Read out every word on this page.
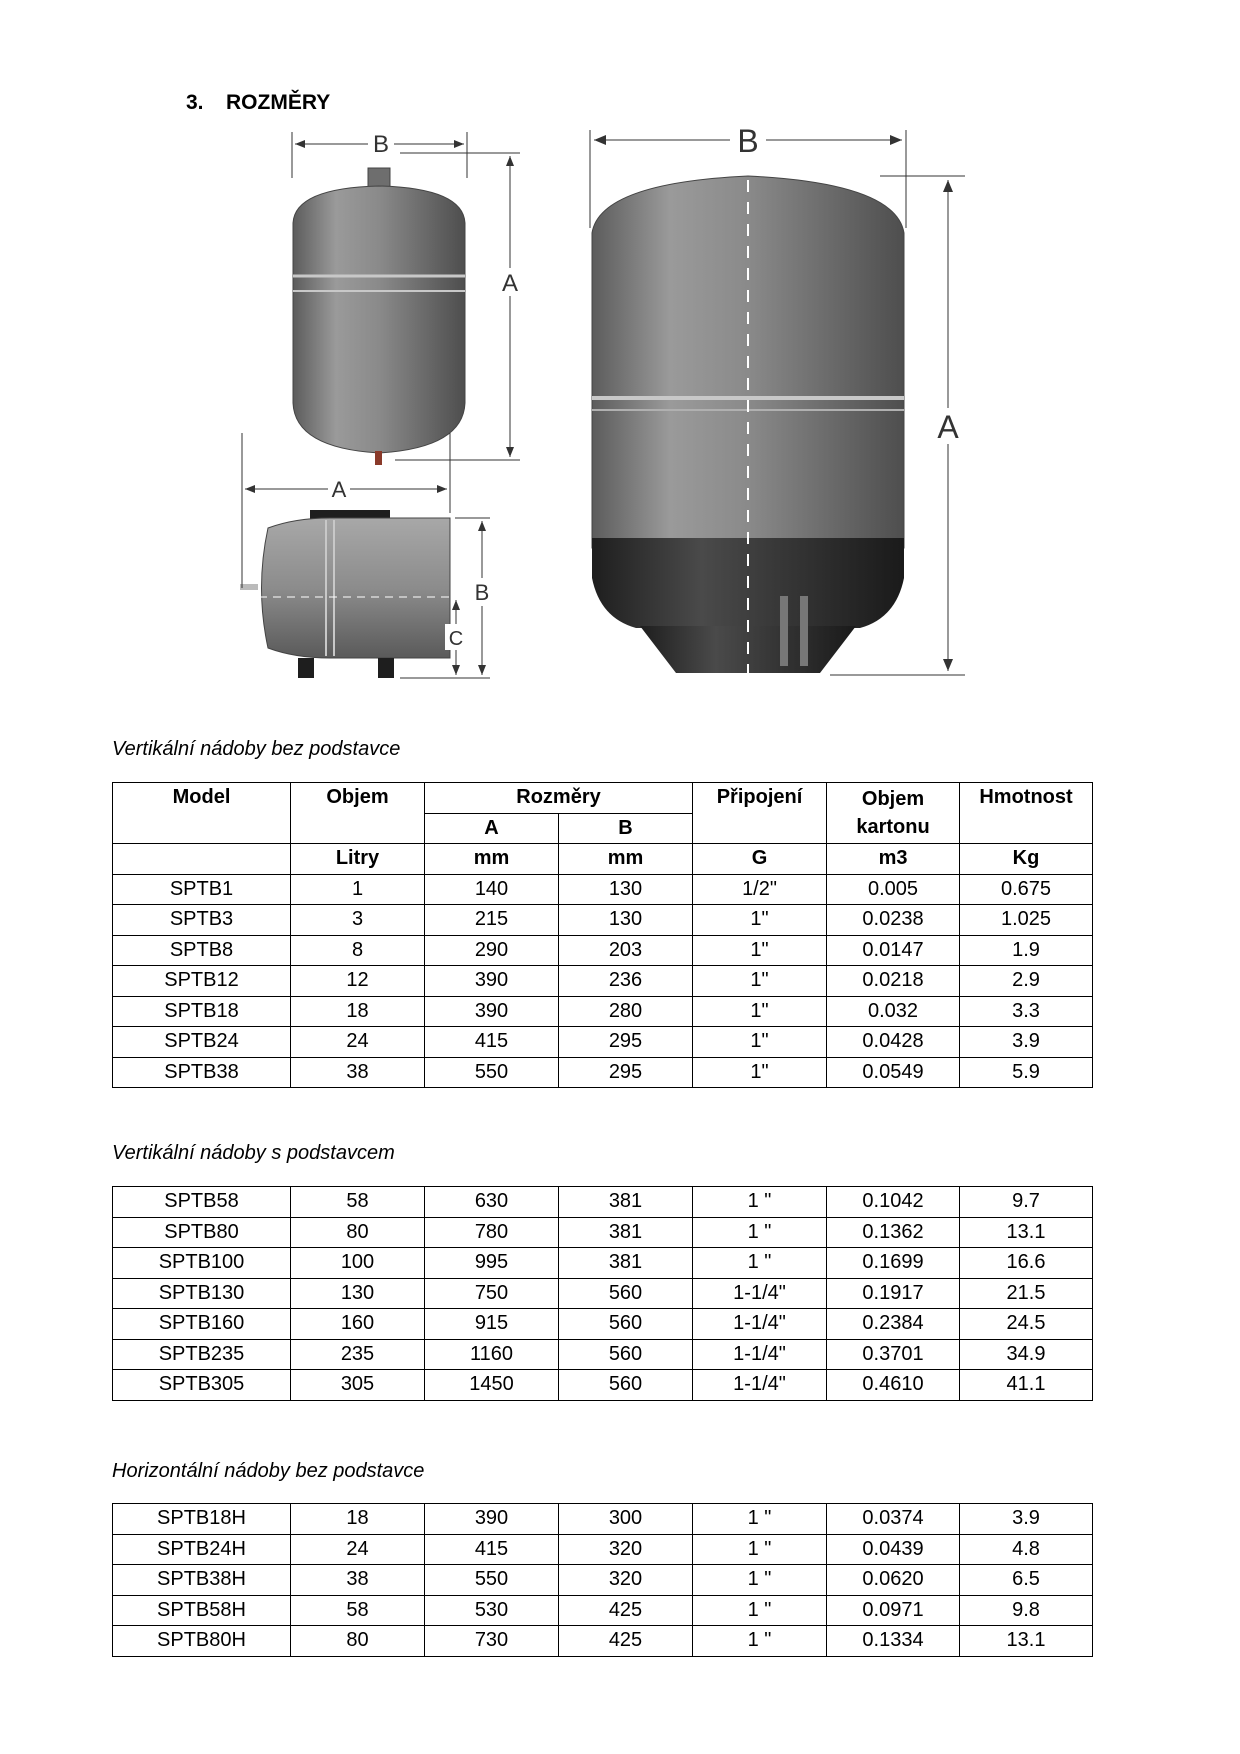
3. ROZMĚRY
B
A
A
B
C
B
A
Vertikální nádoby bez podstavce
Model	Objem	Rozměry		Připojení	Objem kartonu	Hmotnost
		A	B			
	Litry	mm	mm	G	m3	Kg
SPTB1	1	140	130	1/2"	0.005	0.675
SPTB3	3	215	130	1"	0.0238	1.025
SPTB8	8	290	203	1"	0.0147	1.9
SPTB12	12	390	236	1"	0.0218	2.9
SPTB18	18	390	280	1"	0.032	3.3
SPTB24	24	415	295	1"	0.0428	3.9
SPTB38	38	550	295	1"	0.0549	5.9
Vertikální nádoby s podstavcem
SPTB58	58	630	381	1 "	0.1042	9.7
SPTB80	80	780	381	1 "	0.1362	13.1
SPTB100	100	995	381	1 "	0.1699	16.6
SPTB130	130	750	560	1-1/4"	0.1917	21.5
SPTB160	160	915	560	1-1/4"	0.2384	24.5
SPTB235	235	1160	560	1-1/4"	0.3701	34.9
SPTB305	305	1450	560	1-1/4"	0.4610	41.1
Horizontální nádoby bez podstavce
SPTB18H	18	390	300	1 "	0.0374	3.9
SPTB24H	24	415	320	1 "	0.0439	4.8
SPTB38H	38	550	320	1 "	0.0620	6.5
SPTB58H	58	530	425	1 "	0.0971	9.8
SPTB80H	80	730	425	1 "	0.1334	13.1
